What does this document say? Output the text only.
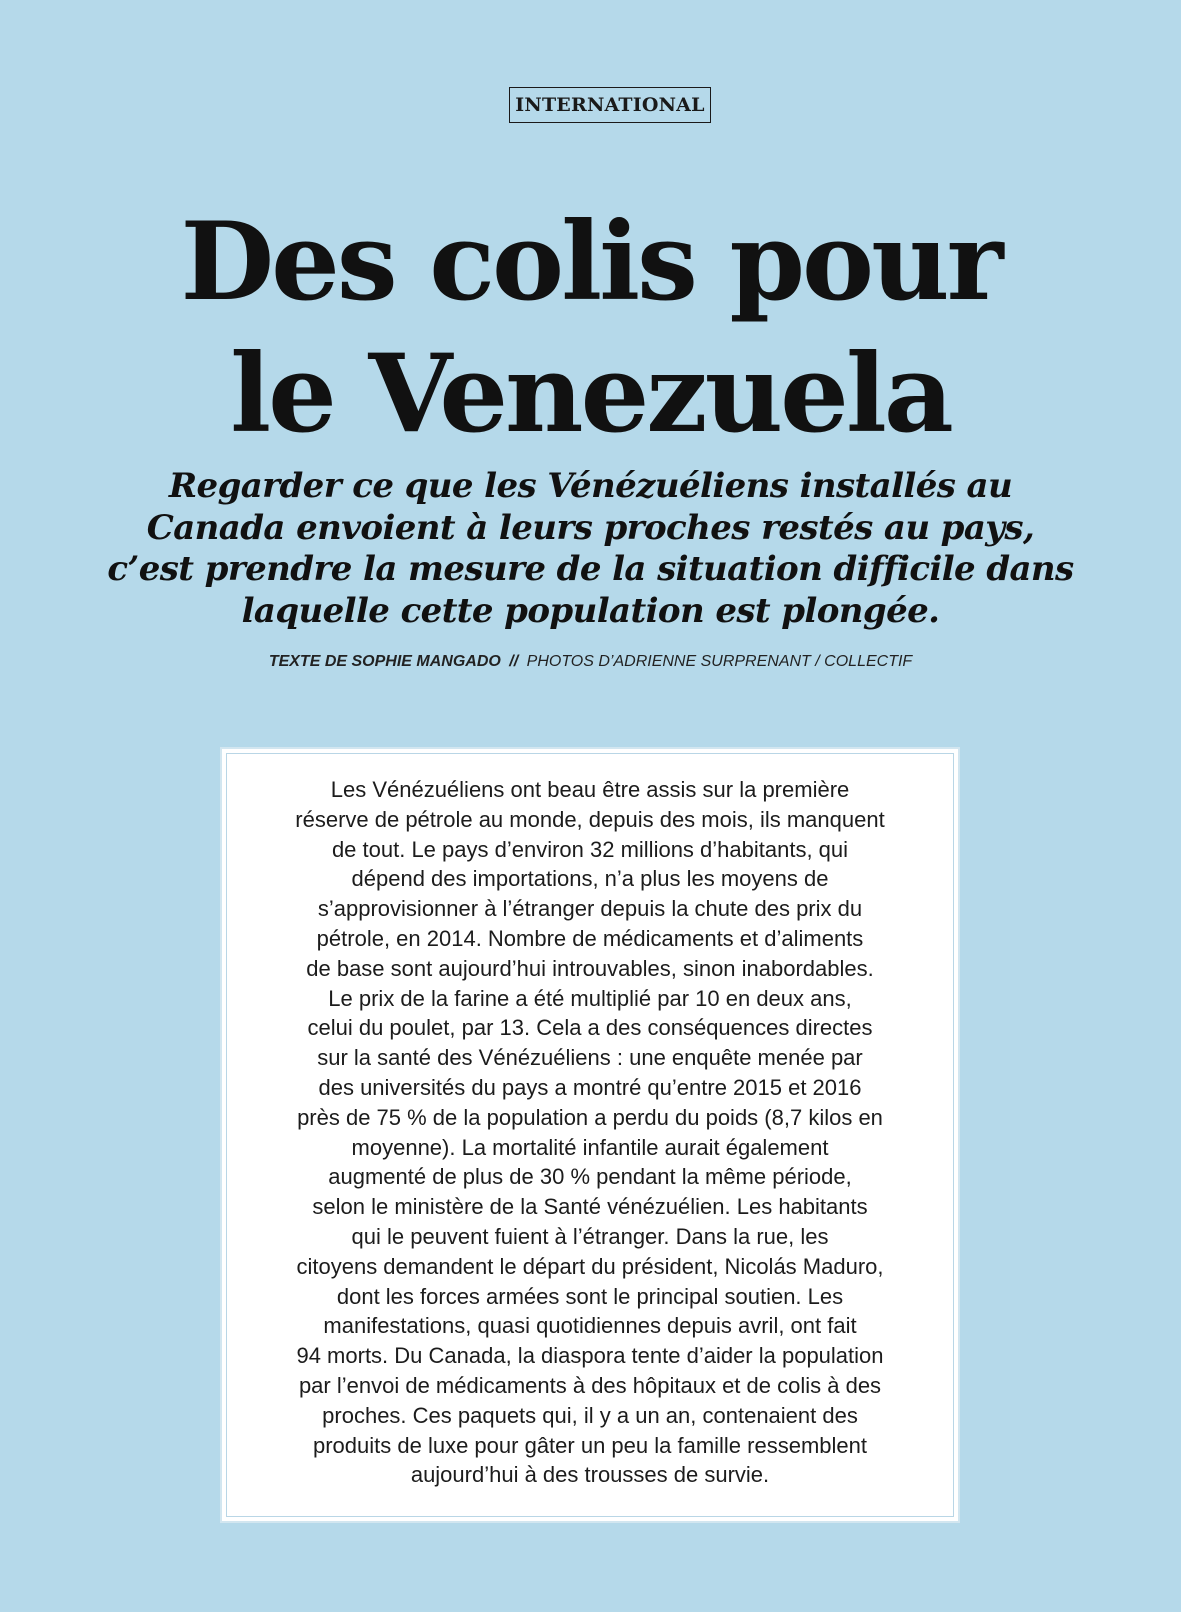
INTERNATIONAL
Des colis pour
le Venezuela

Regarder ce que les Vénézuéliens installés au
Canada envoient à leurs proches restés au pays,
c’est prendre la mesure de la situation difficile dans
laquelle cette population est plongée.

TEXTE DE SOPHIE MANGADO // PHOTOS D’ADRIENNE SURPRENANT / COLLECTIF

Les Vénézuéliens ont beau être assis sur la première
réserve de pétrole au monde, depuis des mois, ils manquent
de tout. Le pays d’environ 32 millions d’habitants, qui
dépend des importations, n’a plus les moyens de
s’approvisionner à l’étranger depuis la chute des prix du
pétrole, en 2014. Nombre de médicaments et d’aliments
de base sont aujourd’hui introuvables, sinon inabordables.
Le prix de la farine a été multiplié par 10 en deux ans,
celui du poulet, par 13. Cela a des conséquences directes
sur la santé des Vénézuéliens : une enquête menée par
des universités du pays a montré qu’entre 2015 et 2016
près de 75 % de la population a perdu du poids (8,7 kilos en
moyenne). La mortalité infantile aurait également
augmenté de plus de 30 % pendant la même période,
selon le ministère de la Santé vénézuélien. Les habitants
qui le peuvent fuient à l’étranger. Dans la rue, les
citoyens demandent le départ du président, Nicolás Maduro,
dont les forces armées sont le principal soutien. Les
manifestations, quasi quotidiennes depuis avril, ont fait
94 morts. Du Canada, la diaspora tente d’aider la population
par l’envoi de médicaments à des hôpitaux et de colis à des
proches. Ces paquets qui, il y a un an, contenaient des
produits de luxe pour gâter un peu la famille ressemblent
aujourd’hui à des trousses de survie.
